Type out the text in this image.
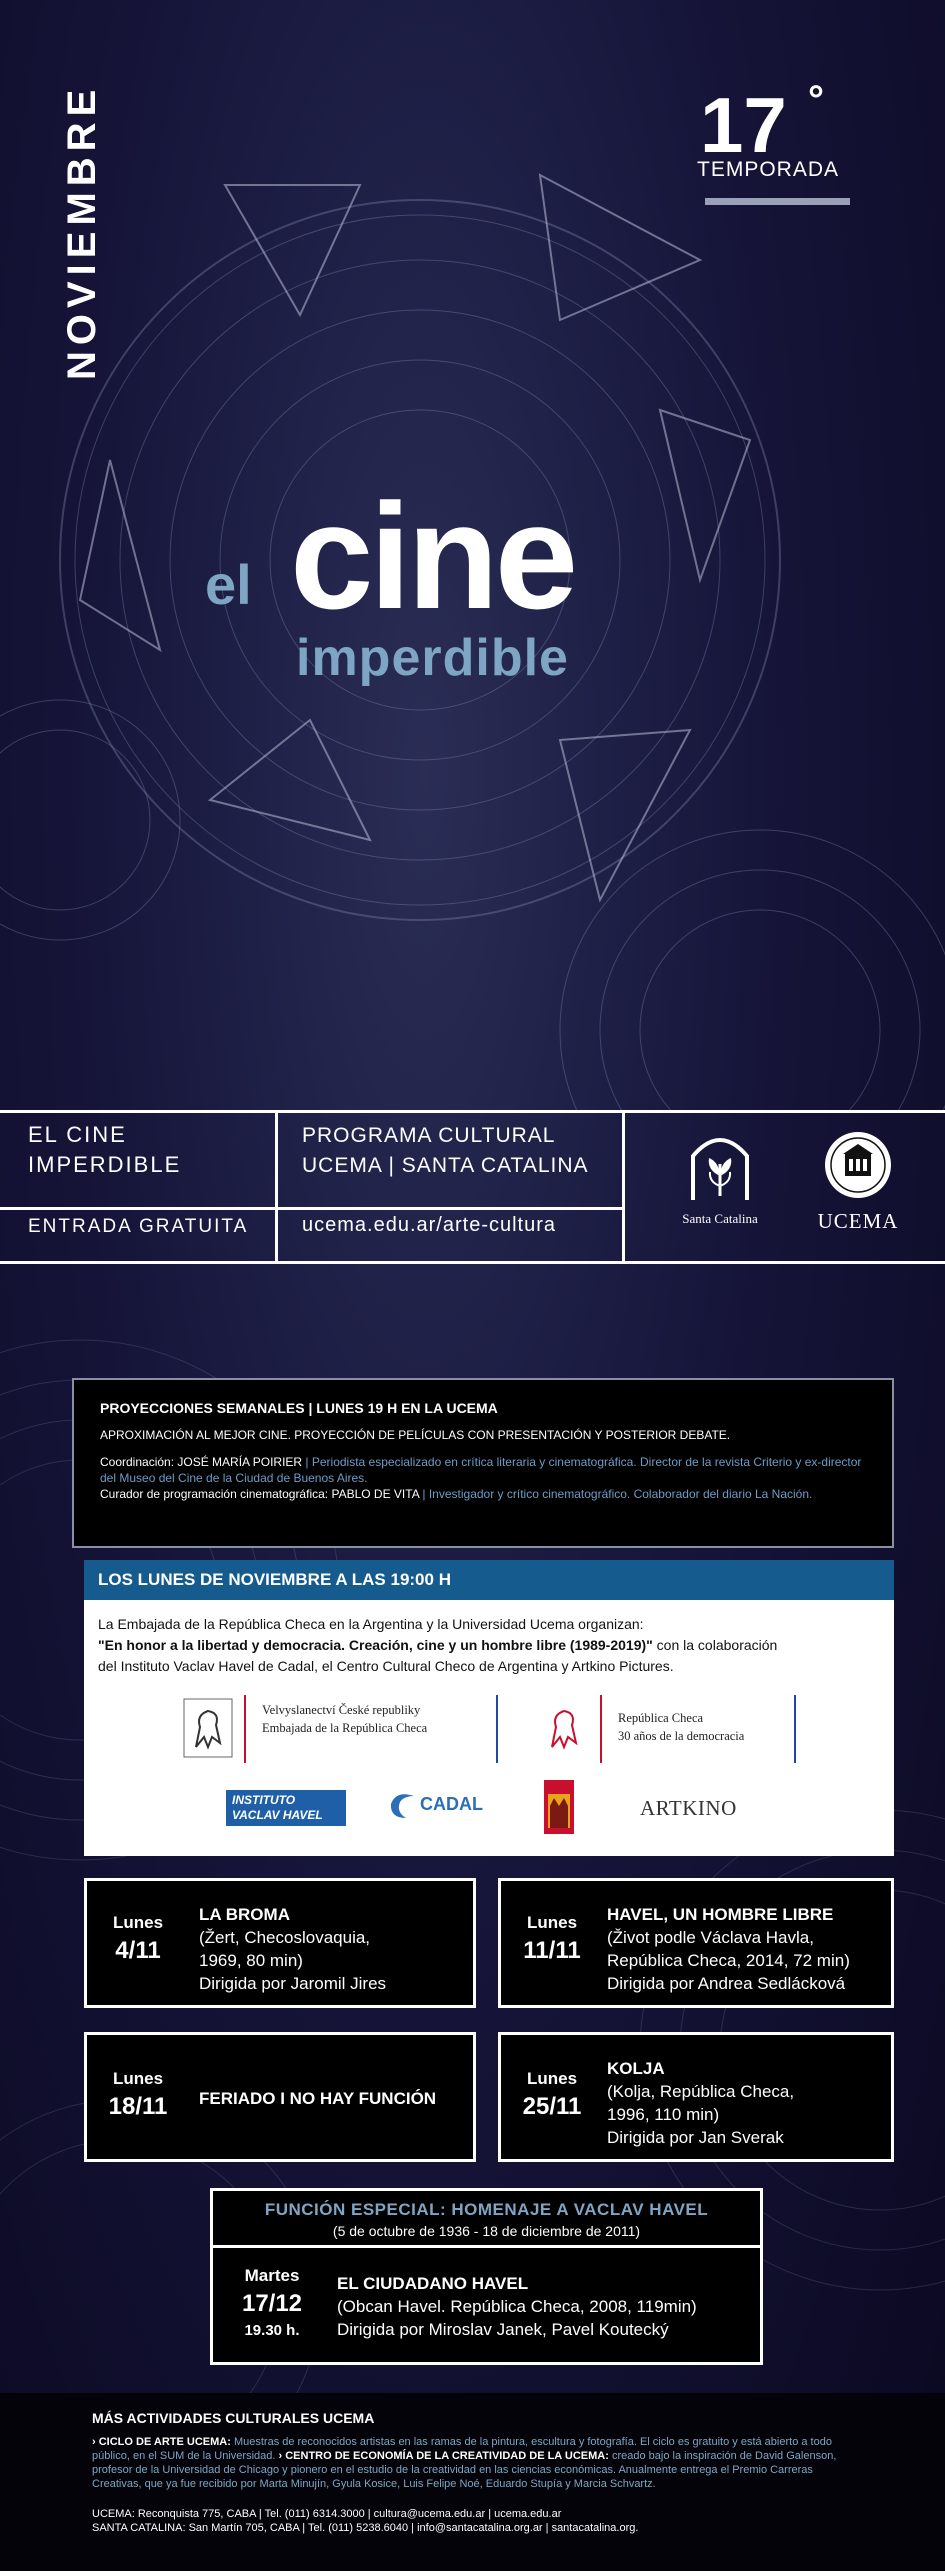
NOVIEMBRE	17 °
TEMPORADA
cine
el
imperdible
EL CINE
IMPERDIBLE
ENTRADA GRATUITA
PROGRAMA CULTURAL
UCEMA | SANTA CATALINA
ucema.edu.ar/arte-cultura	Santa Catalina	UCEMA
PROYECCIONES SEMANALES | LUNES 19 H EN LA UCEMA
APROXIMACIÓN AL MEJOR CINE. PROYECCIÓN DE PELÍCULAS CON PRESENTACIÓN Y POSTERIOR DEBATE.
Coordinación: JOSÉ MARÍA POIRIER | Periodista especializado en crítica literaria y cinematográfica. Director de la revista Criterio y ex-director del Museo del Cine de la Ciudad de Buenos Aires.
Curador de programación cinematográfica: PABLO DE VITA | Investigador y crítico cinematográfico. Colaborador del diario La Nación.
LOS LUNES DE NOVIEMBRE A LAS 19:00 H
La Embajada de la República Checa en la Argentina y la Universidad Ucema organizan:
"En honor a la libertad y democracia. Creación, cine y un hombre libre (1989-2019)" con la colaboración
del Instituto Vaclav Havel de Cadal, el Centro Cultural Checo de Argentina y Artkino Pictures.
Velvyslanectví České republiky
Embajada de la República Checa
República Checa
30 años de la democracia
INSTITUTO
VACLAV HAVEL
CADAL	ARTKINO
Lunes
4/11
LA BROMA
(Žert, Checoslovaquia,
1969, 80 min)
Dirigida por Jaromil Jires
Lunes
11/11
HAVEL, UN HOMBRE LIBRE
(Život podle Václava Havla,
República Checa, 2014, 72 min)
Dirigida por Andrea Sedlácková
Lunes
18/11 FERIADO I NO HAY FUNCIÓN
Lunes
25/11
KOLJA
(Kolja, República Checa,
1996, 110 min)
Dirigida por Jan Sverak
FUNCIÓN ESPECIAL: HOMENAJE A VACLAV HAVEL
(5 de octubre de 1936 - 18 de diciembre de 2011)
Martes
17/12
19.30 h.
EL CIUDADANO HAVEL
(Obcan Havel. República Checa, 2008, 119min)
Dirigida por Miroslav Janek, Pavel Koutecký
MÁS ACTIVIDADES CULTURALES UCEMA
› CICLO DE ARTE UCEMA: Muestras de reconocidos artistas en las ramas de la pintura, escultura y fotografía. El ciclo es gratuito y está abierto a todo público, en el SUM de la Universidad. › CENTRO DE ECONOMÍA DE LA CREATIVIDAD DE LA UCEMA: creado bajo la inspiración de David Galenson, profesor de la Universidad de Chicago y pionero en el estudio de la creatividad en las ciencias económicas. Anualmente entrega el Premio Carreras Creativas, que ya fue recibido por Marta Minujín, Gyula Kosice, Luis Felipe Noé, Eduardo Stupía y Marcia Schvartz.
UCEMA: Reconquista 775, CABA | Tel. (011) 6314.3000 | cultura@ucema.edu.ar | ucema.edu.ar
SANTA CATALINA: San Martín 705, CABA | Tel. (011) 5238.6040 | info@santacatalina.org.ar | santacatalina.org.
